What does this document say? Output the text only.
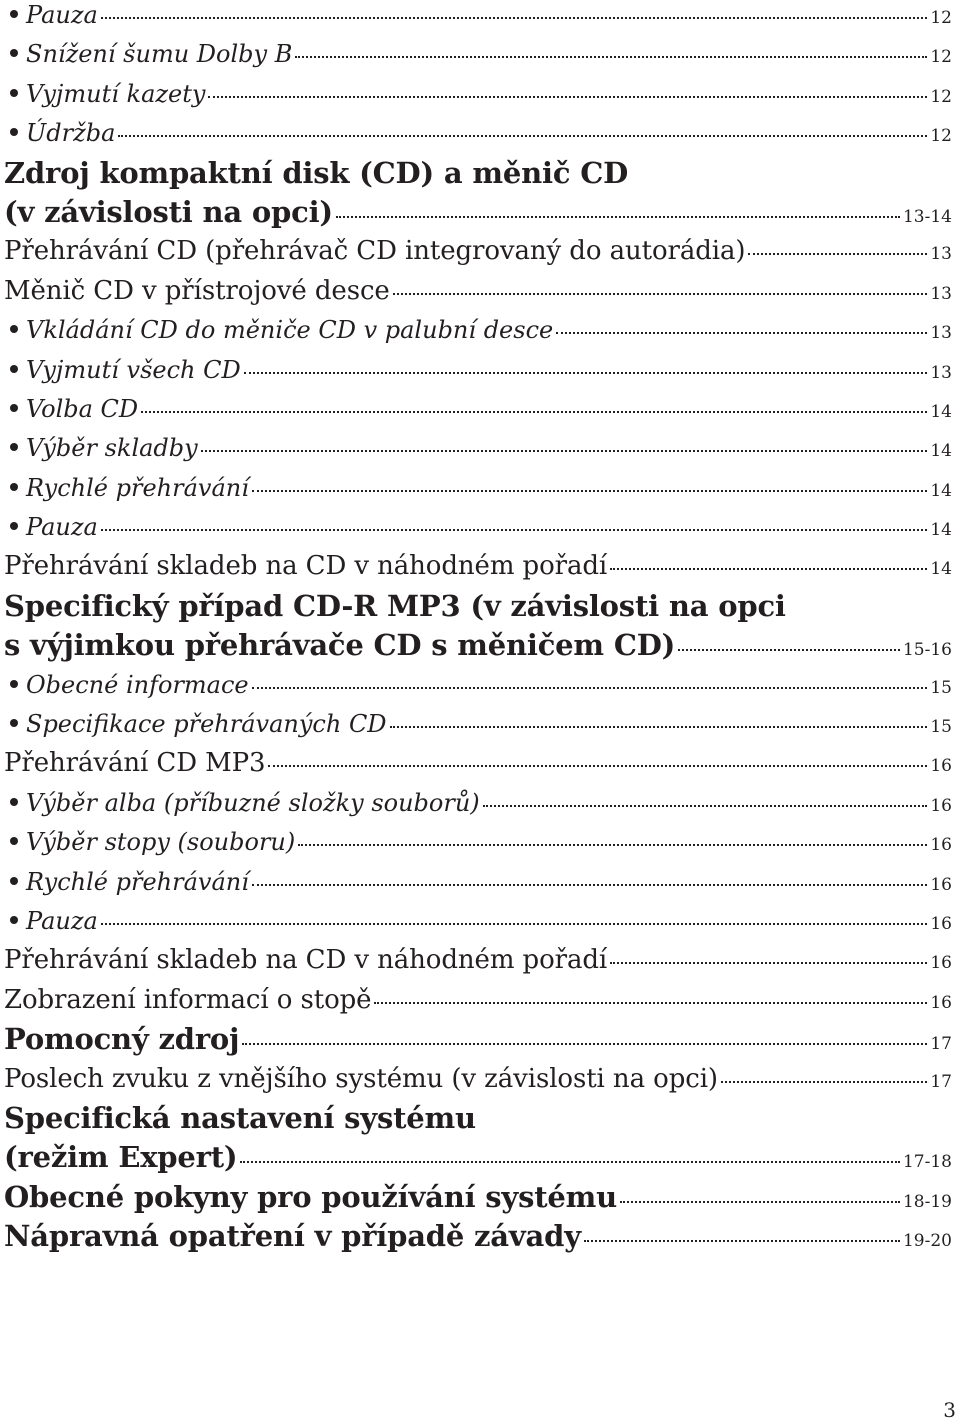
Pauza	12
Snížení šumu Dolby B	12
Vyjmutí kazety	12
Údržba	12
Zdroj kompaktní disk (CD) a měnič CD
(v závislosti na opci)	13-14
Přehrávání CD (přehrávač CD integrovaný do autorádia)	13
Měnič CD v přístrojové desce	13
Vkládání CD do měniče CD v palubní desce	13
Vyjmutí všech CD	13
Volba CD	14
Výběr skladby	14
Rychlé přehrávání	14
Pauza	14
Přehrávání skladeb na CD v náhodném pořadí	14
Specifický případ CD-R MP3 (v závislosti na opci
s výjimkou přehrávače CD s měničem CD)	15-16
Obecné informace	15
Specifikace přehrávaných CD	15
Přehrávání CD MP3	16
Výběr alba (příbuzné složky souborů)	16
Výběr stopy (souboru)	16
Rychlé přehrávání	16
Pauza	16
Přehrávání skladeb na CD v náhodném pořadí	16
Zobrazení informací o stopě	16
Pomocný zdroj	17
Poslech zvuku z vnějšího systému (v závislosti na opci)	17
Specifická nastavení systému
(režim Expert)	17-18
Obecné pokyny pro používání systému	18-19
Nápravná opatření v případě závady	19-20
3
